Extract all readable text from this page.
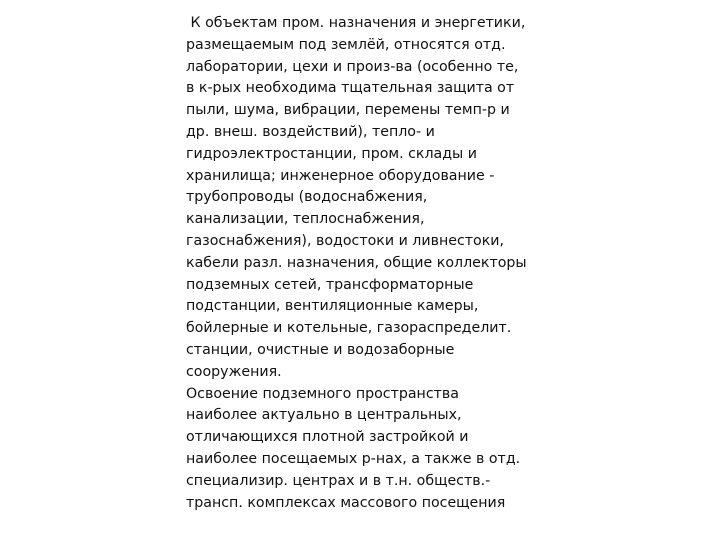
К объектам пром. назначения и энергетики,
размещаемым под землёй, относятся отд.
лаборатории, цехи и произ-ва (особенно те,
в к-рых необходима тщательная защита от
пыли, шума, вибрации, перемены темп-р и
др. внеш. воздействий), тепло- и
гидроэлектростанции, пром. склады и
хранилища; инженерное оборудование -
трубопроводы (водоснабжения,
канализации, теплоснабжения,
газоснабжения), водостоки и ливнестоки,
кабели разл. назначения, общие коллекторы
подземных сетей, трансформаторные
подстанции, вентиляционные камеры,
бойлерные и котельные, газораспределит.
станции, очистные и водозаборные
сооружения.
Освоение подземного пространства
наиболее актуально в центральных,
отличающихся плотной застройкой и
наиболее посещаемых р-нах, а также в отд.
специализир. центрах и в т.н. обществ.-
трансп. комплексах массового посещения
